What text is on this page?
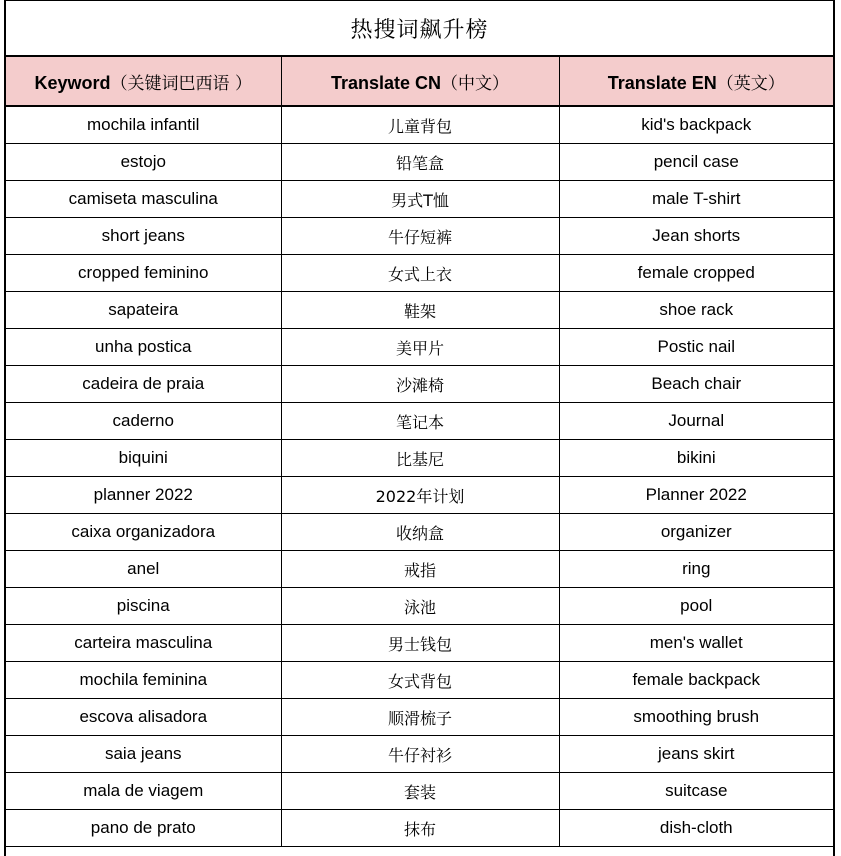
热搜词飙升榜
Keyword（关键词巴西语 ）	Translate CN（中文）	Translate EN（英文）
mochila infantil	儿童背包	kid's backpack
estojo	铅笔盒	pencil case
camiseta masculina	男式T恤	male T-shirt
short jeans	牛仔短裤	Jean shorts
cropped feminino	女式上衣	female cropped
sapateira	鞋架	shoe rack
unha postica	美甲片	Postic nail
cadeira de praia	沙滩椅	Beach chair
caderno	笔记本	Journal
biquini	比基尼	bikini
planner 2022	2022年计划	Planner 2022
caixa organizadora	收纳盒	organizer
anel	戒指	ring
piscina	泳池	pool
carteira masculina	男士钱包	men's wallet
mochila feminina	女式背包	female backpack
escova alisadora	顺滑梳子	smoothing brush
saia jeans	牛仔衬衫	jeans skirt
mala de viagem	套装	suitcase
pano de prato	抹布	dish-cloth
